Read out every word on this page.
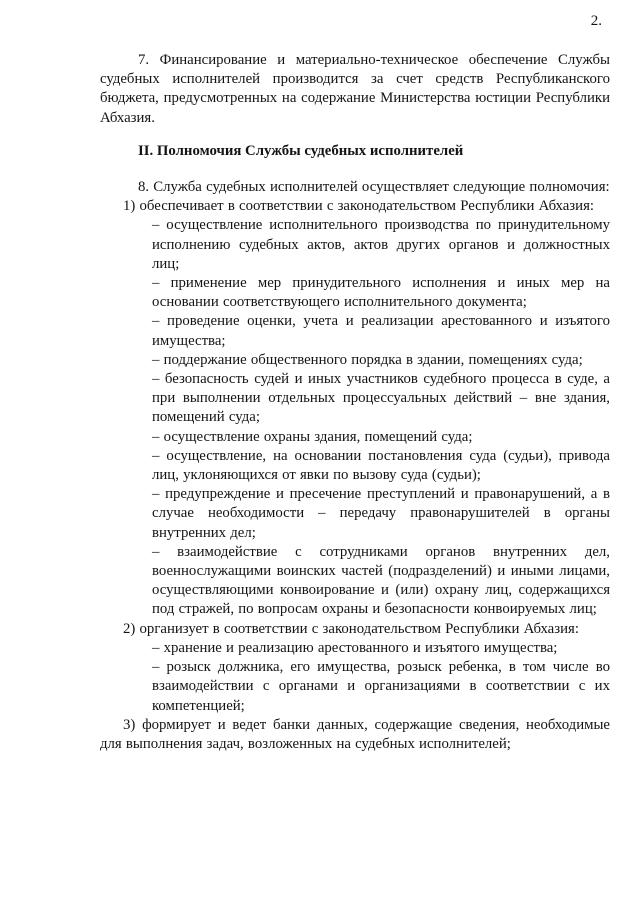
2.

7. Финансирование и материально-техническое обеспечение Службы судебных исполнителей производится за счет средств Республиканского бюджета, предусмотренных на содержание Министерства юстиции Республики Абхазия.

II. Полномочия Службы судебных исполнителей

8. Служба судебных исполнителей осуществляет следующие полномочия:

1) обеспечивает в соответствии с законодательством Республики Абхазия:

– осуществление исполнительного производства по принудительному исполнению судебных актов, актов других органов и должностных лиц;

– применение мер принудительного исполнения и иных мер на основании соответствующего исполнительного документа;

– проведение оценки, учета и реализации арестованного и изъятого имущества;

– поддержание общественного порядка в здании, помещениях суда;

– безопасность судей и иных участников судебного процесса в суде, а при выполнении отдельных процессуальных действий – вне здания, помещений суда;

– осуществление охраны здания, помещений суда;

– осуществление, на основании постановления суда (судьи), привода лиц, уклоняющихся от явки по вызову суда (судьи);

– предупреждение и пресечение преступлений и правонарушений, а в случае необходимости – передачу правонарушителей в органы внутренних дел;

– взаимодействие с сотрудниками органов внутренних дел, военнослужащими воинских частей (подразделений) и иными лицами, осуществляющими конвоирование и (или) охрану лиц, содержащихся под стражей, по вопросам охраны и безопасности конвоируемых лиц;

2) организует в соответствии с законодательством Республики Абхазия:

– хранение и реализацию арестованного и изъятого имущества;

– розыск должника, его имущества, розыск ребенка, в том числе во взаимодействии с органами и организациями в соответствии с их компетенцией;

3) формирует и ведет банки данных, содержащие сведения, необходимые для выполнения задач, возложенных на судебных исполнителей;
